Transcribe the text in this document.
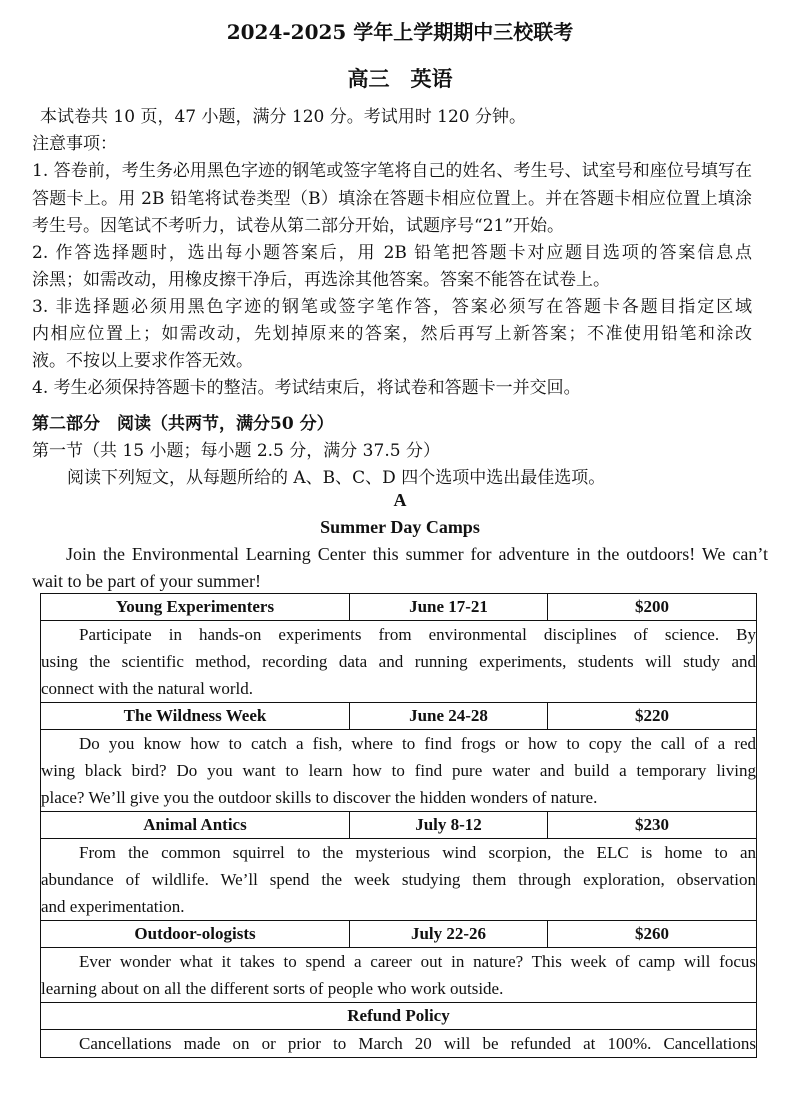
2024-2025 学年上学期期中三校联考
高三　英语
本试卷共 10 页，47 小题，满分 120 分。考试用时 120 分钟。
注意事项：
1. 答卷前，考生务必用黑色字迹的钢笔或签字笔将自己的姓名、考生号、试室号和座位号填写在
答题卡上。用 2B 铅笔将试卷类型（B）填涂在答题卡相应位置上。并在答题卡相应位置上填涂
考生号。因笔试不考听力，试卷从第二部分开始，试题序号“21”开始。
2. 作答选择题时，选出每小题答案后，用 2B 铅笔把答题卡对应题目选项的答案信息点
涂黑；如需改动，用橡皮擦干净后，再选涂其他答案。答案不能答在试卷上。
3. 非选择题必须用黑色字迹的钢笔或签字笔作答，答案必须写在答题卡各题目指定区域
内相应位置上；如需改动，先划掉原来的答案，然后再写上新答案；不准使用铅笔和涂改
液。不按以上要求作答无效。
4. 考生必须保持答题卡的整洁。考试结束后，将试卷和答题卡一并交回。
第二部分　阅读（共两节，满分50 分）
第一节（共 15 小题；每小题 2.5 分，满分 37.5 分）
阅读下列短文，从每题所给的 A、B、C、D 四个选项中选出最佳选项。
A
Summer Day Camps
Join the Environmental Learning Center this summer for adventure in the outdoors! We can’t
wait to be part of your summer!
Young Experimenters	June 17-21	$200

Participate in hands-on experiments from environmental disciplines of science. By
using the scientific method, recording data and running experiments, students will study and
connect with the natural world.		

The Wildness Week	June 24-28	$220

Do you know how to catch a fish, where to find frogs or how to copy the call of a red
wing black bird? Do you want to learn how to find pure water and build a temporary living
place? We’ll give you the outdoor skills to discover the hidden wonders of nature.		

Animal Antics	July 8-12	$230

From the common squirrel to the mysterious wind scorpion, the ELC is home to an
abundance of wildlife. We’ll spend the week studying them through exploration, observation
and experimentation.		

Outdoor-ologists	July 22-26	$260

Ever wonder what it takes to spend a career out in nature? This week of camp will focus
learning about on all the different sorts of people who work outside.		

Refund Policy		

Cancellations made on or prior to March 20 will be refunded at 100%. Cancellations		
